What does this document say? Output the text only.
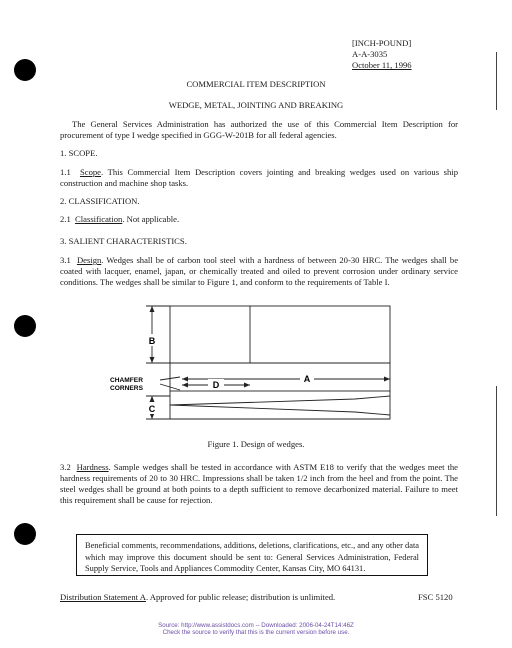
[INCH-POUND]
A-A-3035
October 11, 1996
COMMERCIAL ITEM DESCRIPTION
WEDGE, METAL, JOINTING AND BREAKING
The General Services Administration has authorized the use of this Commercial Item Description for procurement of type I wedge specified in GGG-W-201B for all federal agencies.
1. SCOPE.
1.1 Scope. This Commercial Item Description covers jointing and breaking wedges used on various ship construction and machine shop tasks.
2. CLASSIFICATION.
2.1 Classification. Not applicable.
3. SALIENT CHARACTERISTICS.
3.1 Design. Wedges shall be of carbon tool steel with a hardness of between 20-30 HRC. The wedges shall be coated with lacquer, enamel, japan, or chemically treated and oiled to prevent corrosion under ordinary service conditions. The wedges shall be similar to Figure 1, and conform to the requirements of Table I.
B
C
A
D
CHAMFER
CORNERS
Figure 1. Design of wedges.
3.2 Hardness. Sample wedges shall be tested in accordance with ASTM E18 to verify that the wedges meet the hardness requirements of 20 to 30 HRC. Impressions shall be taken 1/2 inch from the heel and from the point. The steel wedges shall be ground at both points to a depth sufficient to remove decarbonized material. Failure to meet this requirement shall be cause for rejection.
Beneficial comments, recommendations, additions, deletions, clarifications, etc., and any other data which may improve this document should be sent to: General Services Administration, Federal Supply Service, Tools and Appliances Commodity Center, Kansas City, MO 64131.
Distribution Statement A. Approved for public release; distribution is unlimited.	FSC 5120
Source: http://www.assistdocs.com -- Downloaded: 2006-04-24T14:46Z
Check the source to verify that this is the current version before use.
